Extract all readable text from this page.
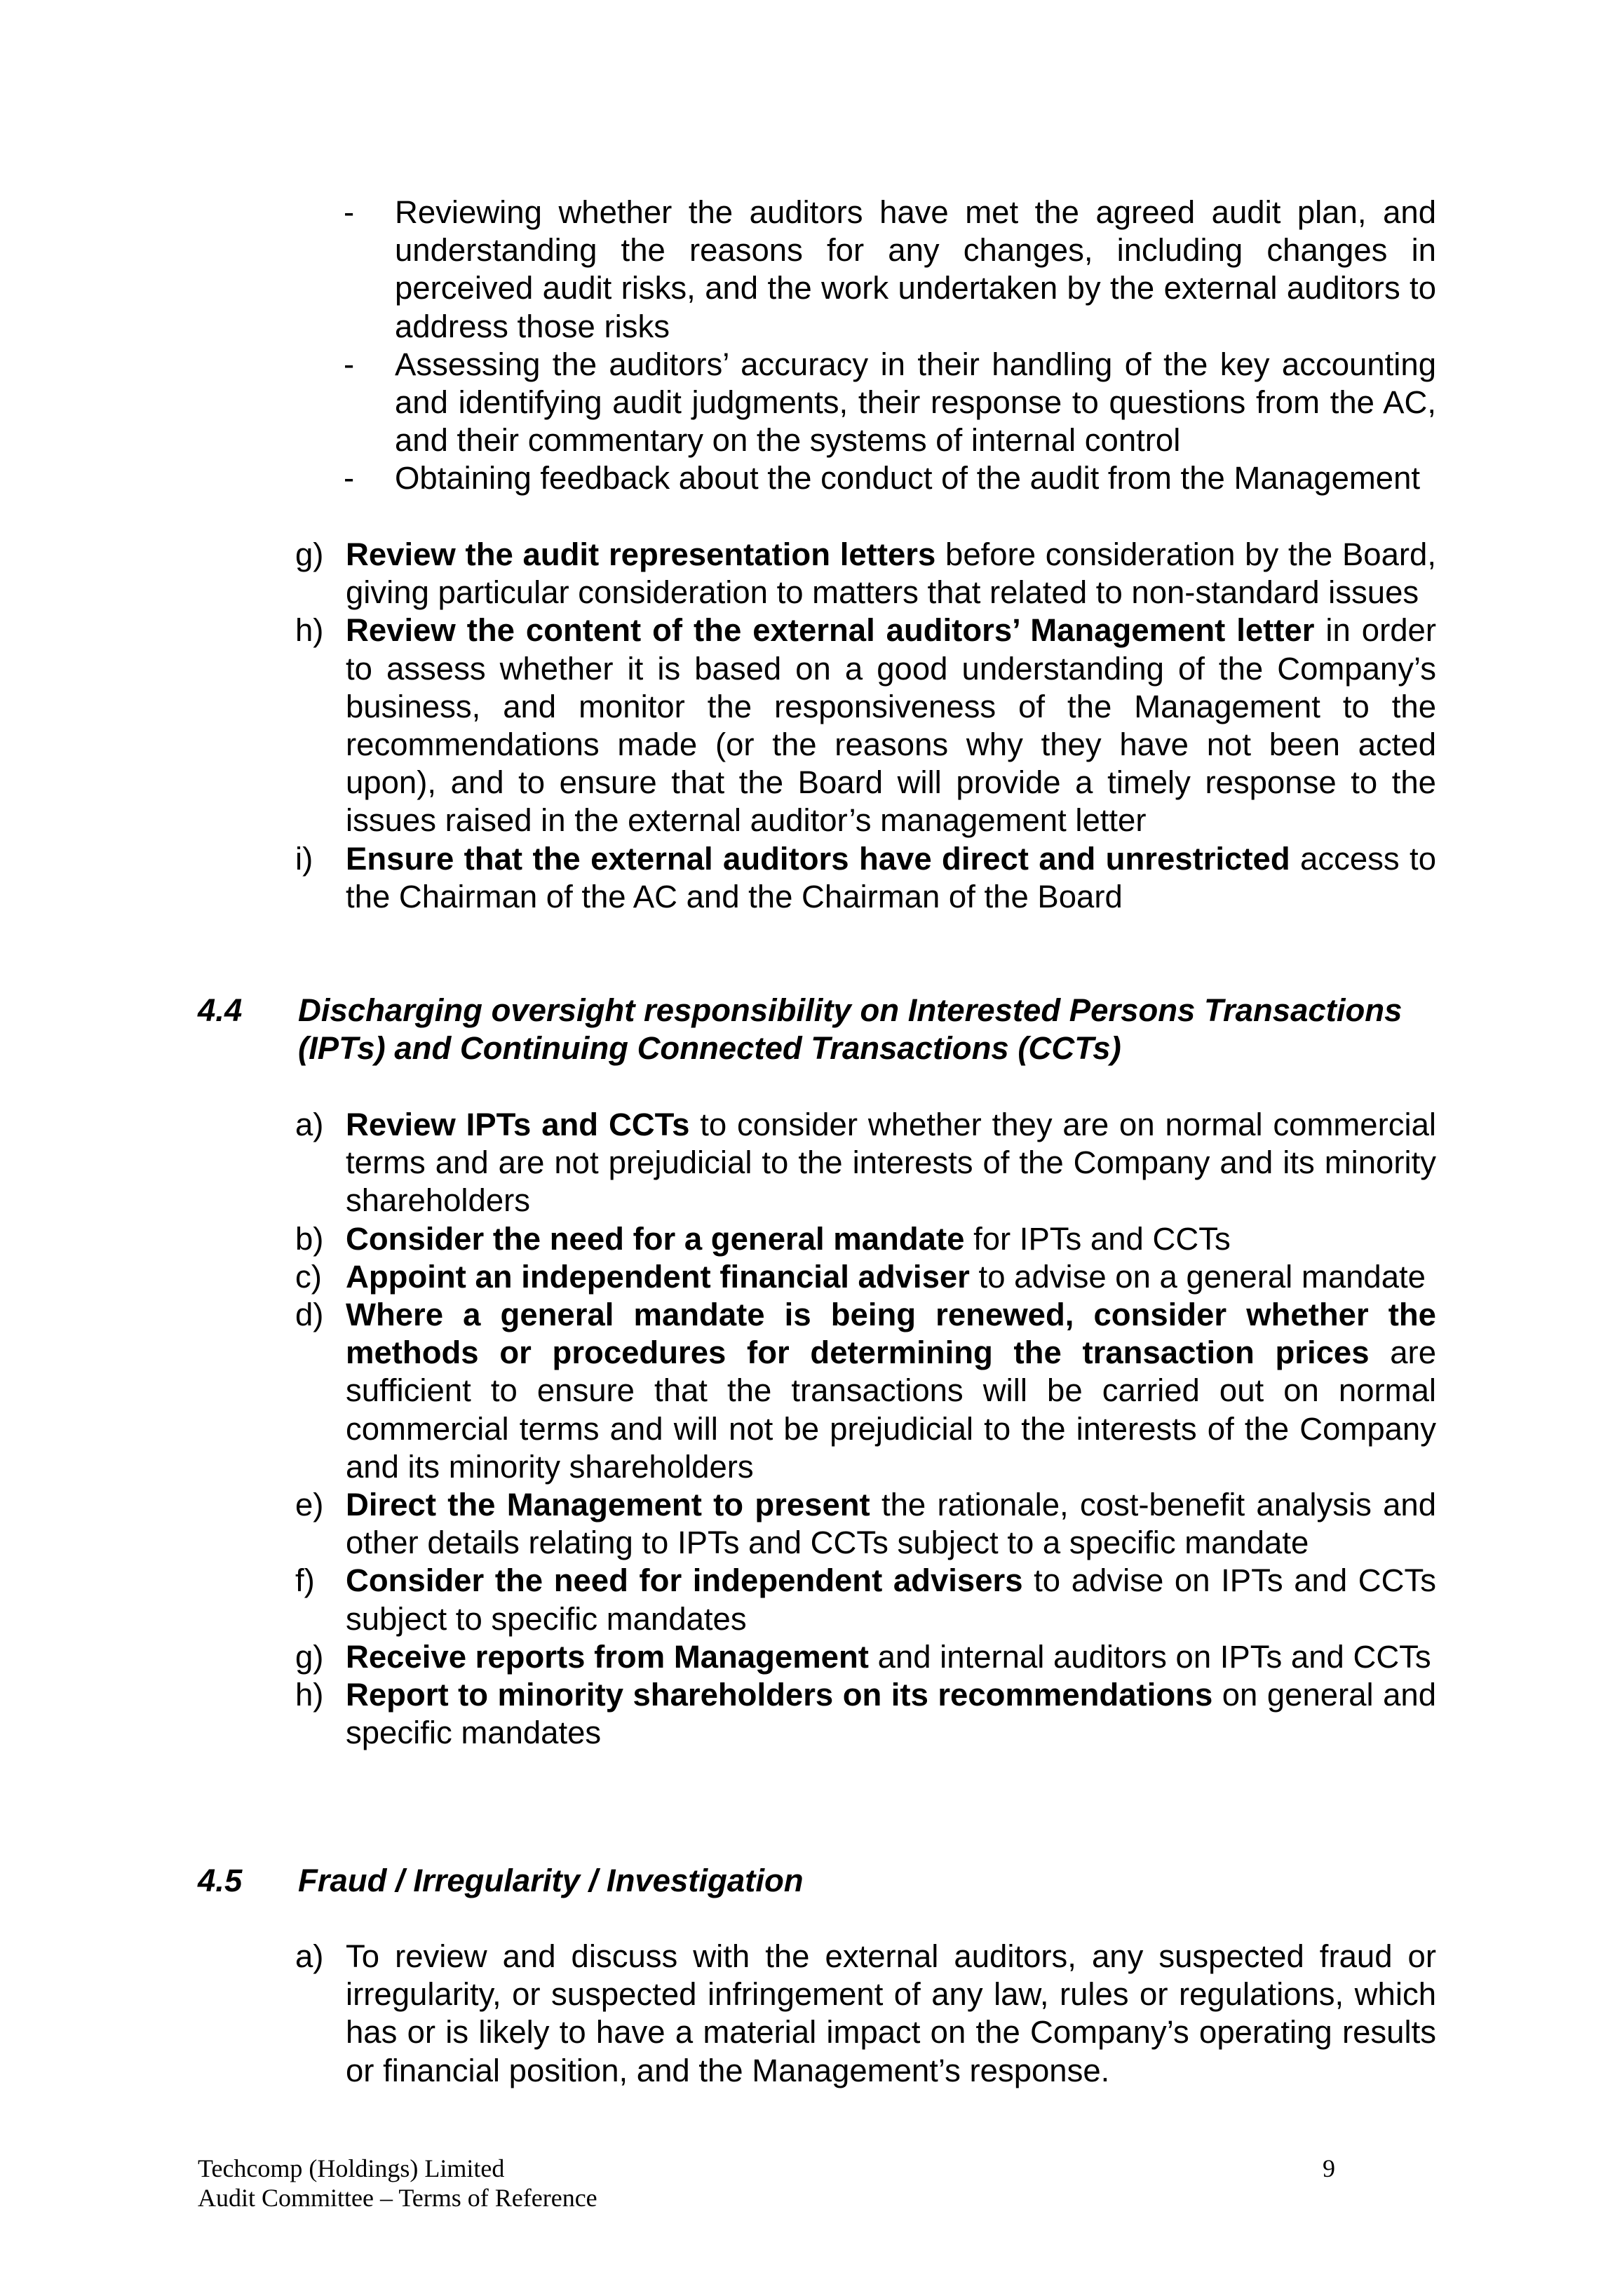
- Reviewing whether the auditors have met the agreed audit plan, and understanding the reasons for any changes, including changes in perceived audit risks, and the work undertaken by the external auditors to address those risks
- Assessing the auditors’ accuracy in their handling of the key accounting and identifying audit judgments, their response to questions from the AC, and their commentary on the systems of internal control
- Obtaining feedback about the conduct of the audit from the Management
g) Review the audit representation letters before consideration by the Board, giving particular consideration to matters that related to non-standard issues
h) Review the content of the external auditors’ Management letter in order to assess whether it is based on a good understanding of the Company’s business, and monitor the responsiveness of the Management to the recommendations made (or the reasons why they have not been acted upon), and to ensure that the Board will provide a timely response to the issues raised in the external auditor’s management letter
i) Ensure that the external auditors have direct and unrestricted access to the Chairman of the AC and the Chairman of the Board
4.4 Discharging oversight responsibility on Interested Persons Transactions (IPTs) and Continuing Connected Transactions (CCTs)
a) Review IPTs and CCTs to consider whether they are on normal commercial terms and are not prejudicial to the interests of the Company and its minority shareholders
b) Consider the need for a general mandate for IPTs and CCTs
c) Appoint an independent financial adviser to advise on a general mandate
d) Where a general mandate is being renewed, consider whether the methods or procedures for determining the transaction prices are sufficient to ensure that the transactions will be carried out on normal commercial terms and will not be prejudicial to the interests of the Company and its minority shareholders
e) Direct the Management to present the rationale, cost-benefit analysis and other details relating to IPTs and CCTs subject to a specific mandate
f) Consider the need for independent advisers to advise on IPTs and CCTs subject to specific mandates
g) Receive reports from Management and internal auditors on IPTs and CCTs
h) Report to minority shareholders on its recommendations on general and specific mandates
4.5 Fraud / Irregularity / Investigation
a) To review and discuss with the external auditors, any suspected fraud or irregularity, or suspected infringement of any law, rules or regulations, which has or is likely to have a material impact on the Company’s operating results or financial position, and the Management’s response.
Techcomp (Holdings) Limited
Audit Committee – Terms of Reference
9
